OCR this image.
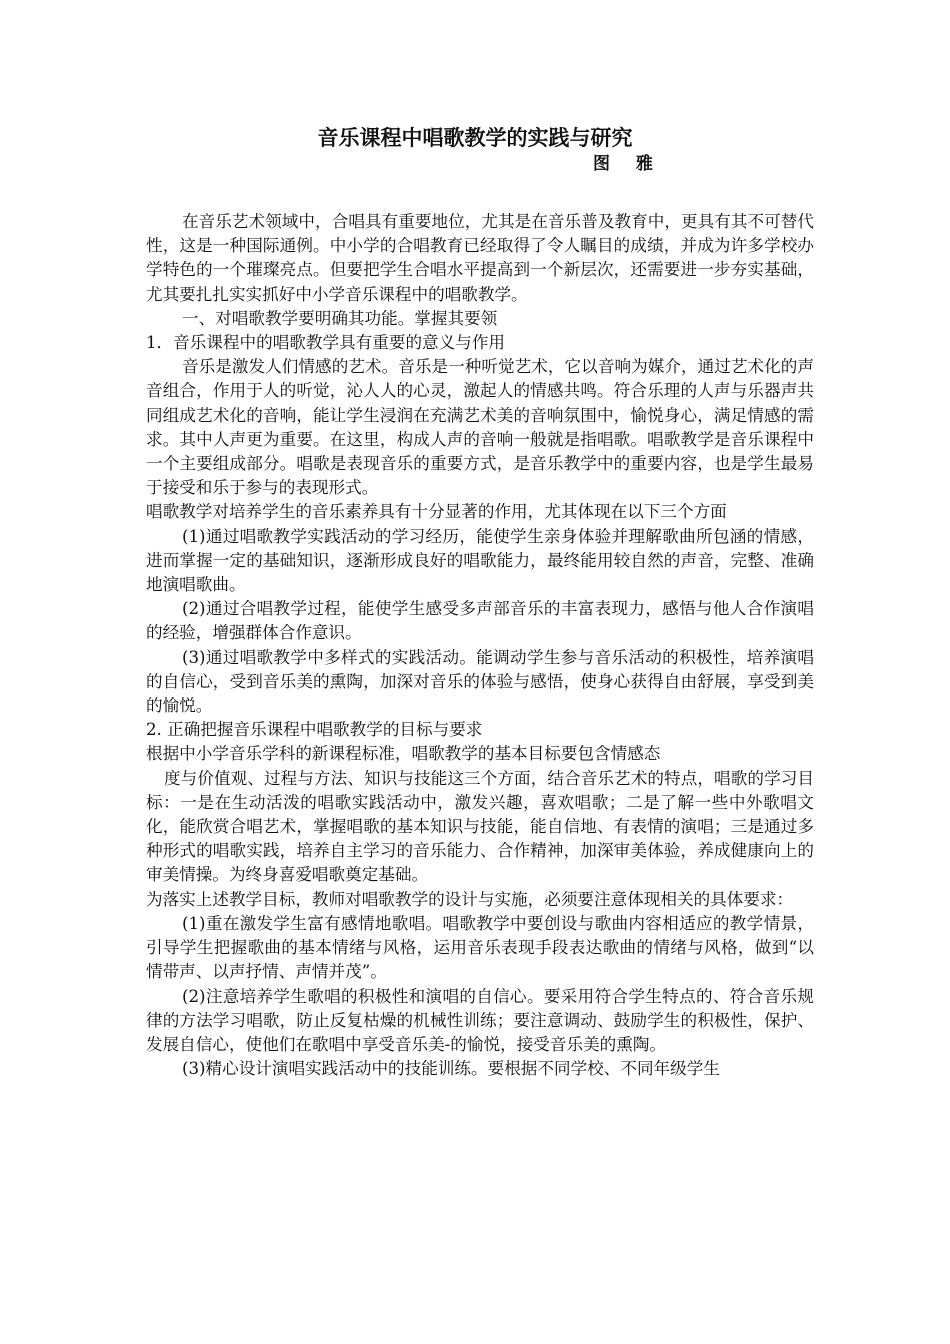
音乐课程中唱歌教学的实践与研究
图 雅

在音乐艺术领域中，合唱具有重要地位，尤其是在音乐普及教育中，更具有其不可替代性，这是一种国际通例。中小学的合唱教育已经取得了令人瞩目的成绩，并成为许多学校办学特色的一个璀璨亮点。但要把学生合唱水平提高到一个新层次，还需要进一步夯实基础，尤其要扎扎实实抓好中小学音乐课程中的唱歌教学。

一、对唱歌教学要明确其功能。掌握其要领

1．音乐课程中的唱歌教学具有重要的意义与作用

音乐是激发人们情感的艺术。音乐是一种听觉艺术，它以音响为媒介，通过艺术化的声音组合，作用于人的听觉，沁人人的心灵，激起人的情感共鸣。符合乐理的人声与乐器声共同组成艺术化的音响，能让学生浸润在充满艺术美的音响氛围中，愉悦身心，满足情感的需求。其中人声更为重要。在这里，构成人声的音响一般就是指唱歌。唱歌教学是音乐课程中一个主要组成部分。唱歌是表现音乐的重要方式，是音乐教学中的重要内容，也是学生最易于接受和乐于参与的表现形式。

唱歌教学对培养学生的音乐素养具有十分显著的作用，尤其体现在以下三个方面

(1)通过唱歌教学实践活动的学习经历，能使学生亲身体验并理解歌曲所包涵的情感，进而掌握一定的基础知识，逐渐形成良好的唱歌能力，最终能用较自然的声音，完整、准确地演唱歌曲。

(2)通过合唱教学过程，能使学生感受多声部音乐的丰富表现力，感悟与他人合作演唱的经验，增强群体合作意识。

(3)通过唱歌教学中多样式的实践活动。能调动学生参与音乐活动的积极性，培养演唱的自信心，受到音乐美的熏陶，加深对音乐的体验与感悟，使身心获得自由舒展，享受到美的愉悦。

2. 正确把握音乐课程中唱歌教学的目标与要求

根据中小学音乐学科的新课程标准，唱歌教学的基本目标要包含情感态

度与价值观、过程与方法、知识与技能这三个方面，结合音乐艺术的特点，唱歌的学习目标：一是在生动活泼的唱歌实践活动中，激发兴趣，喜欢唱歌；二是了解一些中外歌唱文化，能欣赏合唱艺术，掌握唱歌的基本知识与技能，能自信地、有表情的演唱；三是通过多种形式的唱歌实践，培养自主学习的音乐能力、合作精神，加深审美体验，养成健康向上的审美情操。为终身喜爱唱歌奠定基础。

为落实上述教学目标，教师对唱歌教学的设计与实施，必须要注意体现相关的具体要求：

(1)重在激发学生富有感情地歌唱。唱歌教学中要创设与歌曲内容相适应的教学情景，引导学生把握歌曲的基本情绪与风格，运用音乐表现手段表达歌曲的情绪与风格，做到“以情带声、以声抒情、声情并茂”。

(2)注意培养学生歌唱的积极性和演唱的自信心。要采用符合学生特点的、符合音乐规律的方法学习唱歌，防止反复枯燥的机械性训练；要注意调动、鼓励学生的积极性，保护、发展自信心，使他们在歌唱中享受音乐美-的愉悦，接受音乐美的熏陶。

(3)精心设计演唱实践活动中的技能训练。要根据不同学校、不同年级学生
